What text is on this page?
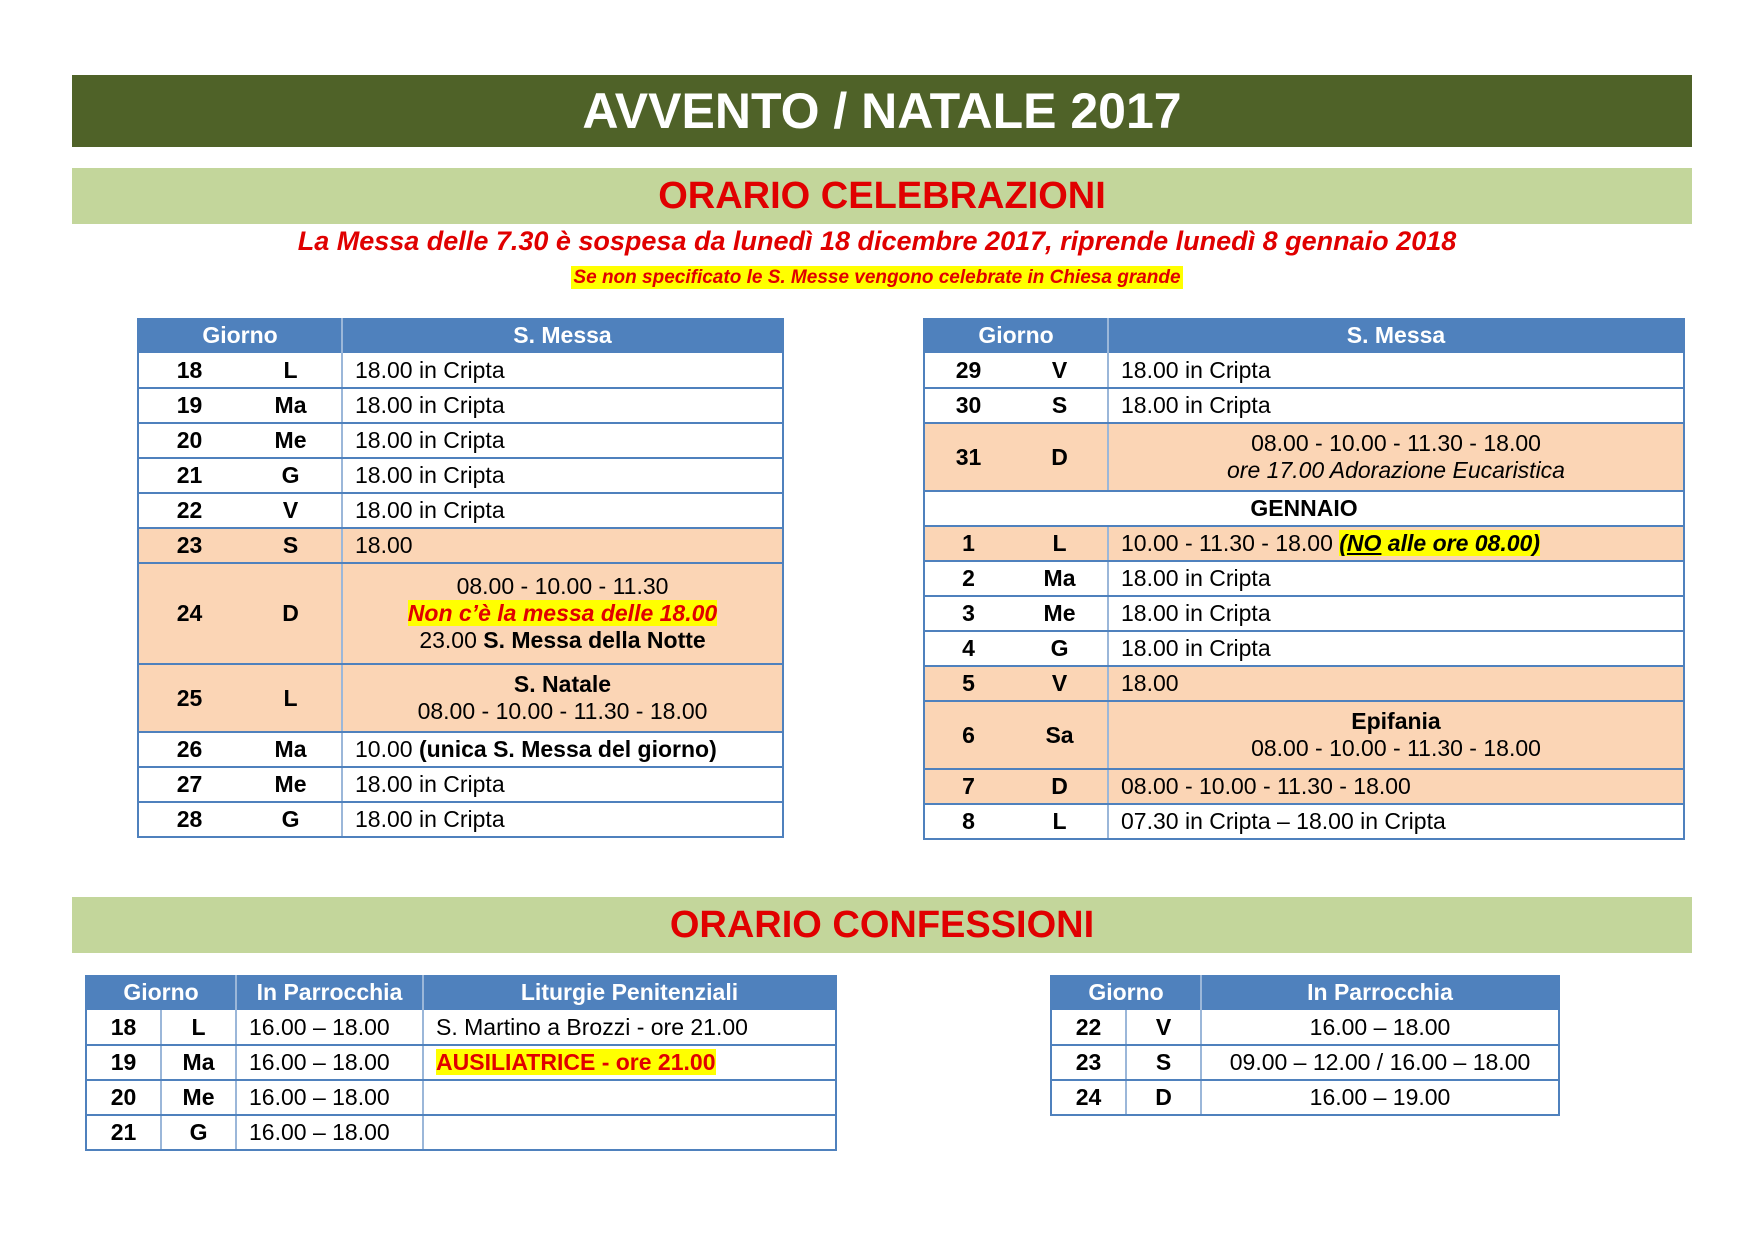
AVVENTO / NATALE 2017
ORARIO CELEBRAZIONI
La Messa delle 7.30 è sospesa da lunedì 18 dicembre 2017, riprende lunedì 8 gennaio 2018
Se non specificato le S. Messe vengono celebrate in Chiesa grande
Giorno		S. Messa
18	L	18.00 in Cripta
19	Ma	18.00 in Cripta
20	Me	18.00 in Cripta
21	G	18.00 in Cripta
22	V	18.00 in Cripta
23	S	18.00
24	D	08.00 - 10.00 - 11.30
Non c’è la messa delle 18.00
23.00 S. Messa della Notte

25	L	S. Natale
08.00 - 10.00 - 11.30 - 18.00

26	Ma	10.00 (unica S. Messa del giorno)
27	Me	18.00 in Cripta
28	G	18.00 in Cripta
Giorno		S. Messa
29	V	18.00 in Cripta
30	S	18.00 in Cripta
31	D	08.00 - 10.00 - 11.30 - 18.00
ore 17.00 Adorazione Eucaristica

GENNAIO		
1	L	10.00 - 11.30 - 18.00 (NO alle ore 08.00)
2	Ma	18.00 in Cripta
3	Me	18.00 in Cripta
4	G	18.00 in Cripta
5	V	18.00
6	Sa	Epifania
08.00 - 10.00 - 11.30 - 18.00

7	D	08.00 - 10.00 - 11.30 - 18.00
8	L	07.30 in Cripta – 18.00 in Cripta
ORARIO CONFESSIONI
Giorno		In Parrocchia	Liturgie Penitenziali
18	L	16.00 – 18.00	S. Martino a Brozzi - ore 21.00
19	Ma	16.00 – 18.00	AUSILIATRICE - ore 21.00
20	Me	16.00 – 18.00	
21	G	16.00 – 18.00	
Giorno		In Parrocchia
22	V	16.00 – 18.00
23	S	09.00 – 12.00 / 16.00 – 18.00
24	D	16.00 – 19.00
